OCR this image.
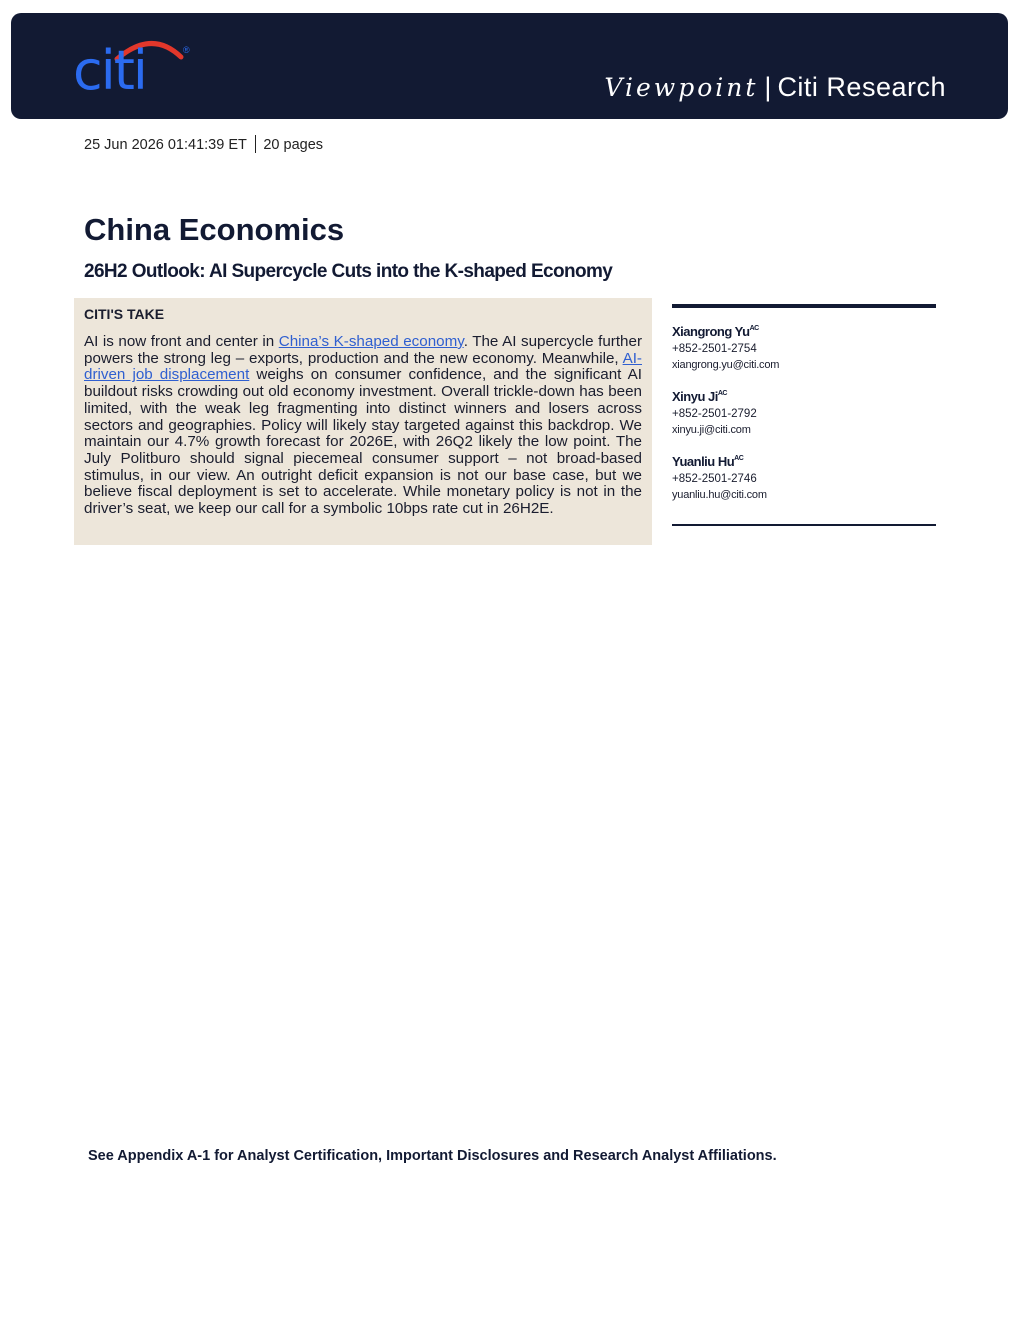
citi	®
Viewpoint | Citi Research
25 Jun 2026 01:41:39 ET 20 pages
China Economics
26H2 Outlook: AI Supercycle Cuts into the K-shaped Economy
CITI'S TAKE

AI is now front and center in China’s K-shaped economy. The AI supercycle further powers the strong leg – exports, production and the new economy. Meanwhile, AI-driven job displacement weighs on consumer confidence, and the significant AI buildout risks crowding out old economy investment. Overall trickle-down has been limited, with the weak leg fragmenting into distinct winners and losers across sectors and geographies. Policy will likely stay targeted against this backdrop. We maintain our 4.7% growth forecast for 2026E, with 26Q2 likely the low point. The July Politburo should signal piecemeal consumer support – not broad-based stimulus, in our view. An outright deficit expansion is not our base case, but we believe fiscal deployment is set to accelerate. While monetary policy is not in the driver’s seat, we keep our call for a symbolic 10bps rate cut in 26H2E.

Xiangrong $Yu^{AC}$
+852-2501-2754
xiangrong.yu@citi.com
Xinyu $Ji^{AC}$
+852-2501-2792
xinyu.ji@citi.com
Yuanliu $Hu^{AC}$
+852-2501-2746
yuanliu.hu@citi.com
See Appendix A-1 for Analyst Certification, Important Disclosures and Research Analyst Affiliations.
